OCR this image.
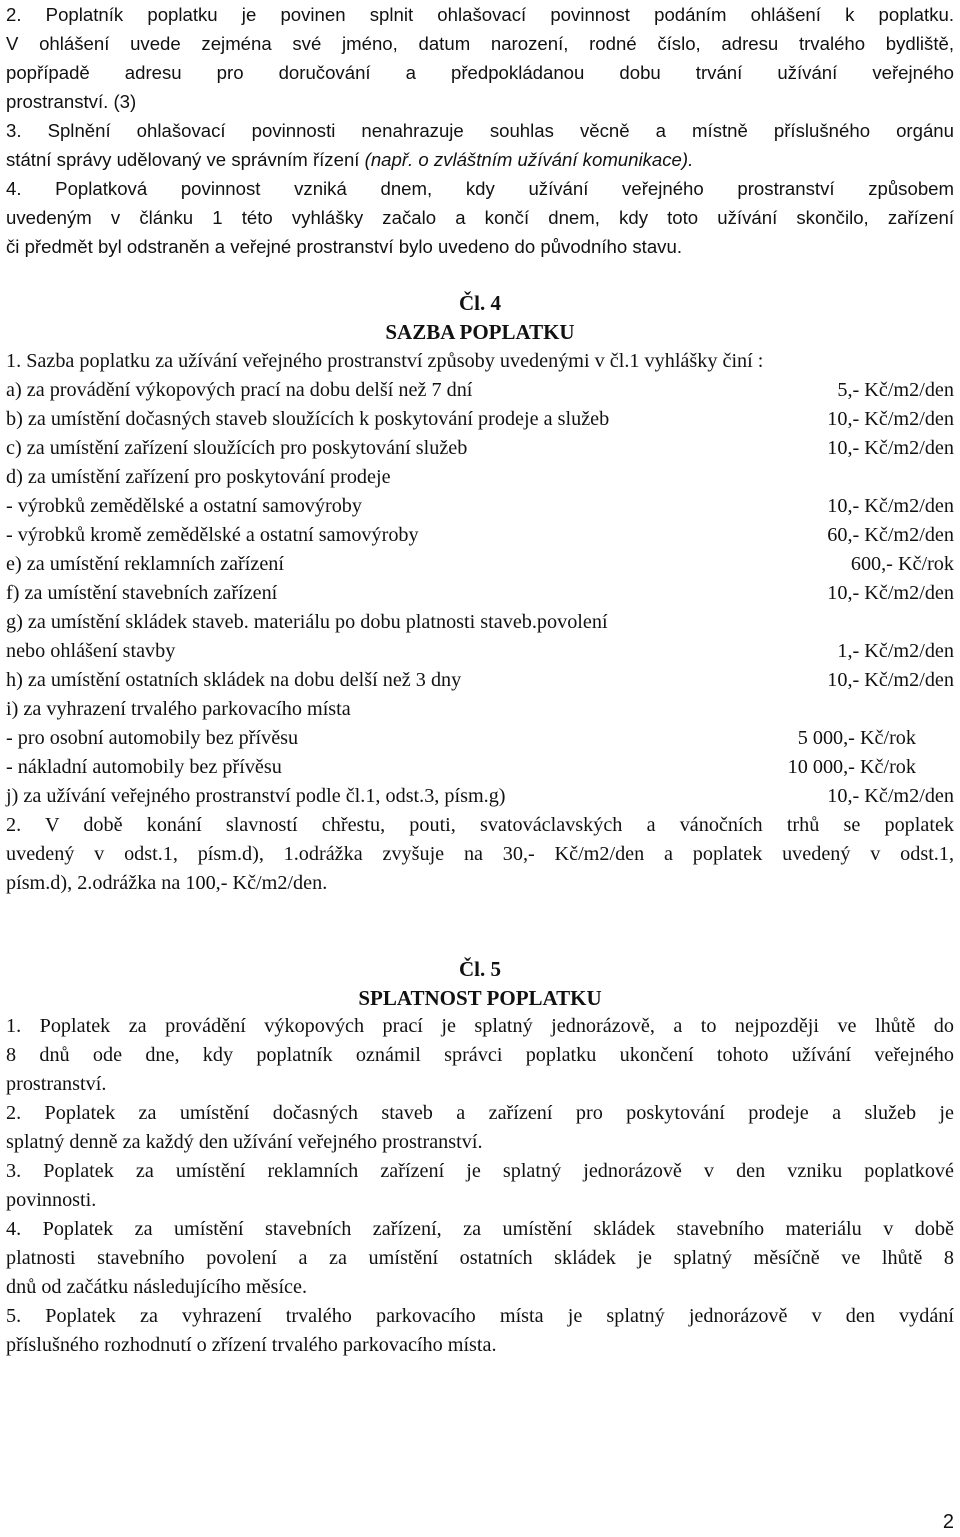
2. Poplatník poplatku je povinen splnit ohlašovací povinnost podáním ohlášení k poplatku.
V ohlášení uvede zejména své jméno, datum narození, rodné číslo, adresu trvalého bydliště,
popřípadě adresu pro doručování a předpokládanou dobu trvání užívání veřejného
prostranství. (3)
3. Splnění ohlašovací povinnosti nenahrazuje souhlas věcně a místně příslušného orgánu
státní správy udělovaný ve správním řízení (např. o zvláštním užívání komunikace).
4. Poplatková povinnost vzniká dnem, kdy užívání veřejného prostranství způsobem
uvedeným v článku 1 této vyhlášky začalo a končí dnem, kdy toto užívání skončilo, zařízení
či předmět byl odstraněn a veřejné prostranství bylo uvedeno do původního stavu.
Čl. 4
SAZBA POPLATKU
1. Sazba poplatku za užívání veřejného prostranství způsoby uvedenými v čl.1 vyhlášky činí :
a) za provádění výkopových prací na dobu delší než 7 dní	5,- Kč/m2/den
b) za umístění dočasných staveb sloužících k poskytování prodeje a služeb	10,- Kč/m2/den
c) za umístění zařízení sloužících pro poskytování služeb	10,- Kč/m2/den
d) za umístění zařízení pro poskytování prodeje
- výrobků zemědělské a ostatní samovýroby	10,- Kč/m2/den
- výrobků kromě zemědělské a ostatní samovýroby	60,- Kč/m2/den
e) za umístění reklamních zařízení	600,- Kč/rok
f) za umístění stavebních zařízení	10,- Kč/m2/den
g) za umístění skládek staveb. materiálu po dobu platnosti staveb.povolení
nebo ohlášení stavby	1,- Kč/m2/den
h) za umístění ostatních skládek na dobu delší než 3 dny	10,- Kč/m2/den
i) za vyhrazení trvalého parkovacího místa
- pro osobní automobily bez přívěsu	5 000,- Kč/rok
- nákladní automobily bez přívěsu	10 000,- Kč/rok
j) za užívání veřejného prostranství podle čl.1, odst.3, písm.g)	10,- Kč/m2/den
2. V době konání slavností chřestu, pouti, svatováclavských a vánočních trhů se poplatek
uvedený v odst.1, písm.d), 1.odrážka zvyšuje na 30,- Kč/m2/den a poplatek uvedený v odst.1,
písm.d), 2.odrážka na 100,- Kč/m2/den.
Čl. 5
SPLATNOST POPLATKU
1. Poplatek za provádění výkopových prací je splatný jednorázově, a to nejpozději ve lhůtě do
8 dnů ode dne, kdy poplatník oznámil správci poplatku ukončení tohoto užívání veřejného
prostranství.
2. Poplatek za umístění dočasných staveb a zařízení pro poskytování prodeje a služeb je
splatný denně za každý den užívání veřejného prostranství.
3. Poplatek za umístění reklamních zařízení je splatný jednorázově v den vzniku poplatkové
povinnosti.
4. Poplatek za umístění stavebních zařízení, za umístění skládek stavebního materiálu v době
platnosti stavebního povolení a za umístění ostatních skládek je splatný měsíčně ve lhůtě 8
dnů od začátku následujícího měsíce.
5. Poplatek za vyhrazení trvalého parkovacího místa je splatný jednorázově v den vydání
příslušného rozhodnutí o zřízení trvalého parkovacího místa.
2
